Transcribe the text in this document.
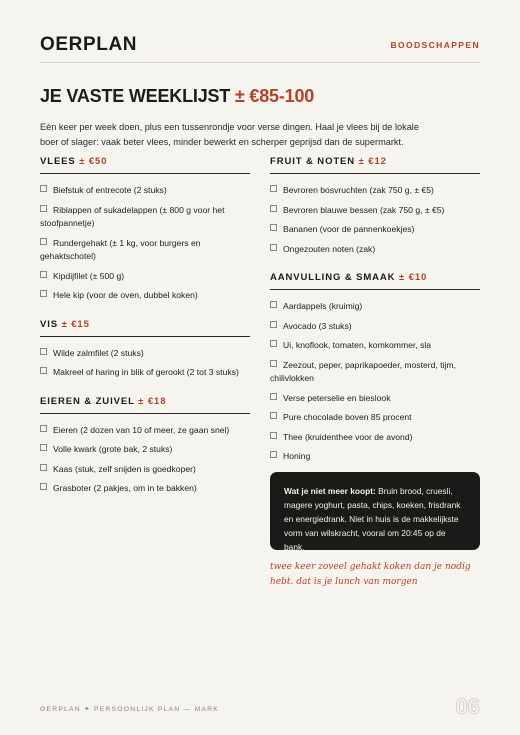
OERPLAN	BOODSCHAPPEN
JE VASTE WEEKLIJST ± €85-100
Eén keer per week doen, plus een tussenrondje voor verse dingen. Haal je vlees bij de lokale boer of slager: vaak beter vlees, minder bewerkt en scherper geprijsd dan de supermarkt.
VLEES ± €50
Biefstuk of entrecote (2 stuks)
Riblappen of sukadelappen (± 800 g voor het stoofpannetje)
Rundergehakt (± 1 kg, voor burgers en gehaktschotel)
Kipdijfilet (± 500 g)
Hele kip (voor de oven, dubbel koken)
VIS ± €15
Wilde zalmfilet (2 stuks)
Makreel of haring in blik of gerookt (2 tot 3 stuks)
EIEREN & ZUIVEL ± €18
Eieren (2 dozen van 10 of meer, ze gaan snel)
Volle kwark (grote bak, 2 stuks)
Kaas (stuk, zelf snijden is goedkoper)
Grasboter (2 pakjes, om in te bakken)
FRUIT & NOTEN ± €12
Bevroren bosvruchten (zak 750 g, ± €5)
Bevroren blauwe bessen (zak 750 g, ± €5)
Bananen (voor de pannenkoekjes)
Ongezouten noten (zak)
AANVULLING & SMAAK ± €10
Aardappels (kruimig)
Avocado (3 stuks)
Ui, knoflook, tomaten, komkommer, sla
Zeezout, peper, paprikapoeder, mosterd, tijm, chilivlokken
Verse peterselie en bieslook
Pure chocolade boven 85 procent
Thee (kruidenthee voor de avond)
Honing
Wat je niet meer koopt: Bruin brood, cruesli, magere yoghurt, pasta, chips, koeken, frisdrank en energiedrank. Niet in huis is de makkelijkste vorm van wilskracht, vooral om 20:45 op de bank.
twee keer zoveel gehakt koken dan je nodig hebt. dat is je lunch van morgen
OERPLAN ✦ PERSOONLIJK PLAN — MARK	06
